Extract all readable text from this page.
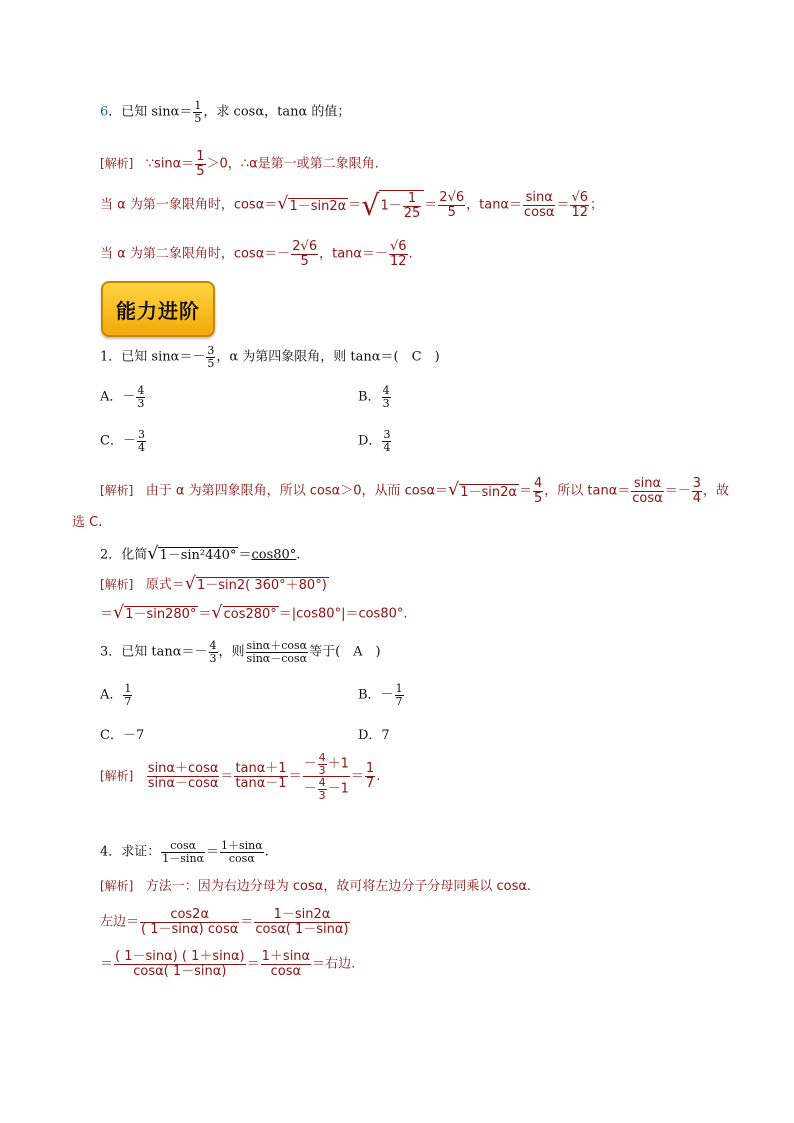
6．已知 $\sin\alpha= \frac{1}{5}$ ，求 cosα，tanα 的值；
[解析] ∵sinα＝ $\frac{1}{5} >0$，∴α是第一或第二象限角.
当 α 为第一象限角时，$\cos\alpha=√1-\sin 2\alpha =√1- \frac{1}{25} = \frac{2√6}{5}$ ，$\tan\alpha= \frac{\sin\alpha}{\cos\alpha} = \frac{√6}{12}$ ；
当 α 为第二象限角时，$\cos\alpha=- \frac{2√6}{5}$ ，$\tan\alpha=- \frac{√6}{12}$ .
能力进阶
1．已知 $\sin\alpha=- \frac{3}{5}$ ，α 为第四象限角，则 tanα＝(　C　)
A．－ $\frac{4}{3}$	B． $\frac{4}{3}$
C．－ $\frac{3}{4}$	D． $\frac{3}{4}$
[解析] 由于 α 为第四象限角，所以 cosα＞0，从而 $\cos\alpha=√1-\sin 2\alpha = \frac{4}{5}$ ，所以 $\tan\alpha= \frac{\sin\alpha}{\cos\alpha} =- \frac{3}{4}$ ，故
选 C.
2．化简√1－sin²440° ＝cos80°.
[解析] 原式＝√1－sin2( 360°＋80°)
＝√1－sin280° ＝√cos280° ＝|cos80°|＝cos80°.
3．已知 $\tan\alpha=- \frac{4}{3}$ ，则 $\frac{\sin\alpha+\cos\alpha}{\sin\alpha-\cos\alpha}$ 等于(　A　)
A． $\frac{1}{7}$	B．－ $\frac{1}{7}$
C．－7	D．7
[解析] $\frac{\sin\alpha+\cos\alpha}{\sin\alpha-\cos\alpha} = \frac{\tan\alpha+1}{\tan\alpha-1} = \frac{- \frac{4}{3} +1}{- \frac{4}{3} -1} = \frac{1}{7}$ .
4．求证： $\frac{\cos\alpha}{1-\sin\alpha} = \frac{1+\sin\alpha}{\cos\alpha}$ .
[解析] 方法一：因为右边分母为 cosα，故可将左边分子分母同乘以 cosα.
左边＝ $\frac{\cos 2\alpha}{( 1-\sin\alpha) \cos\alpha} = \frac{1-\sin 2\alpha}{\cos\alpha( 1-\sin\alpha)}$
＝ $\frac{( 1-\sin\alpha) ( 1+\sin\alpha)}{\cos\alpha( 1-\sin\alpha)} = \frac{1+\sin\alpha}{\cos\alpha}$ ＝右边.
